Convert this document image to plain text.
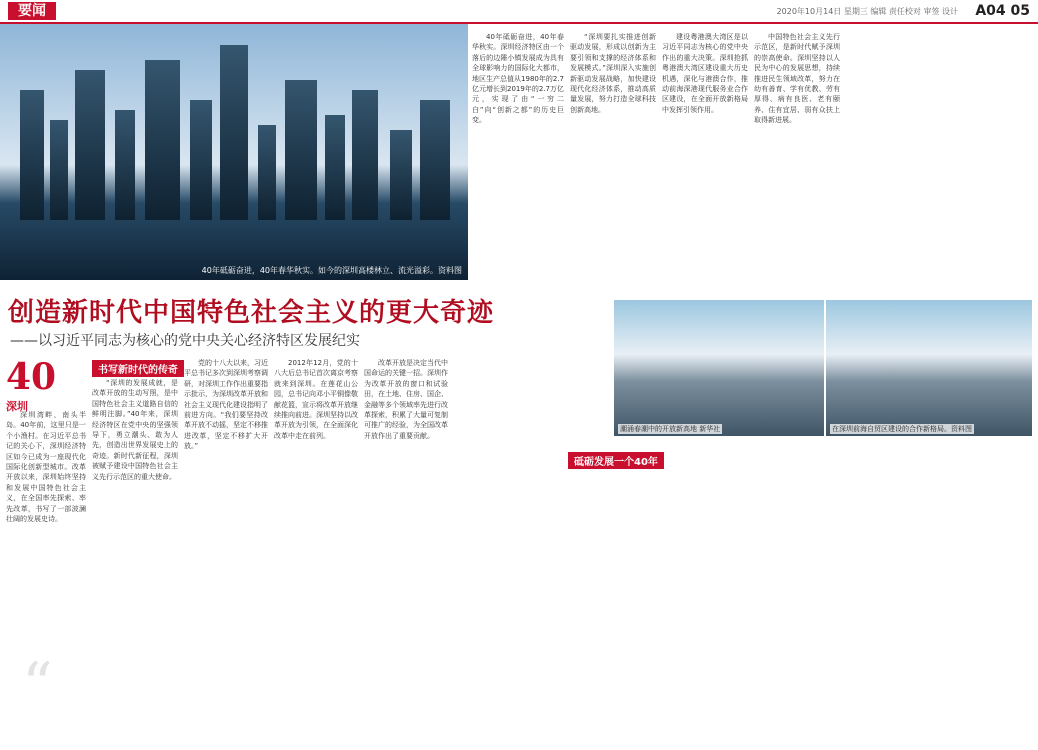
要闻	2020年10月14日 星期三 编辑 责任校对 审签 设计 A04 05
40年砥砺奋进，40年春华秋实。如今的深圳高楼林立、流光溢彩。资料图
潮涌春潮中的开放新高地 新华社	在深圳前海自贸区建设的合作新格局。资料图
创造新时代中国特色社会主义的更大奇迹
——以习近平同志为核心的党中央关心经济特区发展纪实
40
深圳
书写新时代的传奇
砥砺发展一个40年

深圳湾畔，南头半岛。40年前，这里只是一个小渔村。在习近平总书记的关心下，深圳经济特区如今已成为一座现代化国际化创新型城市。改革开放以来，深圳始终坚持和发展中国特色社会主义，在全国率先探索、率先改革，书写了一部波澜壮阔的发展史诗。

“深圳的发展成就，是改革开放的生动写照，是中国特色社会主义道路自信的鲜明注脚。”40年来，深圳经济特区在党中央的坚强领导下，勇立潮头、敢为人先，创造出世界发展史上的奇迹。新时代新征程，深圳被赋予建设中国特色社会主义先行示范区的重大使命。

党的十八大以来，习近平总书记多次到深圳考察调研，对深圳工作作出重要指示批示，为深圳改革开放和社会主义现代化建设指明了前进方向。“我们要坚持改革开放不动摇，坚定不移推进改革，坚定不移扩大开放。”

2012年12月，党的十八大后总书记首次离京考察就来到深圳。在莲花山公园，总书记向邓小平铜像敬献花篮，宣示将改革开放继续推向前进。深圳坚持以改革开放为引领，在全面深化改革中走在前列。

改革开放是决定当代中国命运的关键一招。深圳作为改革开放的窗口和试验田，在土地、住房、国企、金融等多个领域率先进行改革探索，积累了大量可复制可推广的经验，为全国改革开放作出了重要贡献。

40年砥砺奋进，40年春华秋实。深圳经济特区由一个落后的边陲小镇发展成为具有全球影响力的国际化大都市，地区生产总值从1980年的2.7亿元增长到2019年的2.7万亿元，实现了由“一穷二白”向“创新之都”的历史巨变。

“深圳要扎实推进创新驱动发展，形成以创新为主要引领和支撑的经济体系和发展模式。”深圳深入实施创新驱动发展战略，加快建设现代化经济体系，推动高质量发展，努力打造全球科技创新高地。

建设粤港澳大湾区是以习近平同志为核心的党中央作出的重大决策。深圳抢抓粤港澳大湾区建设重大历史机遇，深化与港澳合作，推动前海深港现代服务业合作区建设，在全面开放新格局中发挥引领作用。

中国特色社会主义先行示范区，是新时代赋予深圳的崇高使命。深圳坚持以人民为中心的发展思想，持续推进民生领域改革，努力在幼有善育、学有优教、劳有厚得、病有良医、老有颐养、住有宜居、弱有众扶上取得新进展。

“
